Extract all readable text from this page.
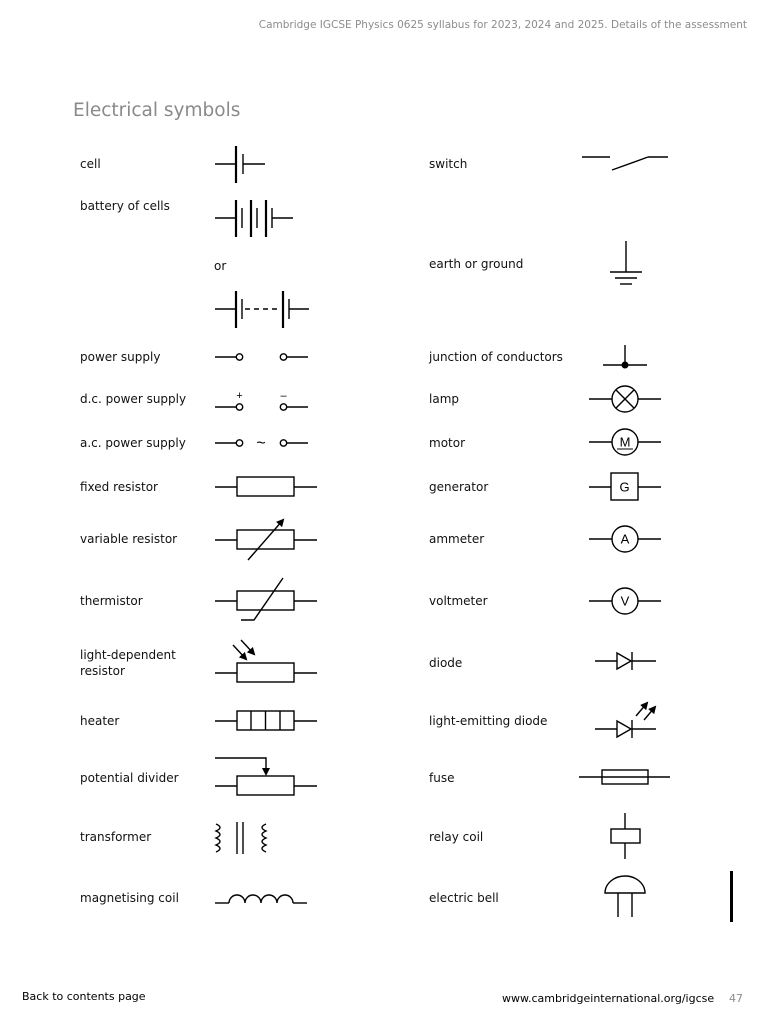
Cambridge IGCSE Physics 0625 syllabus for 2023, 2024 and 2025. Details of the assessment
Electrical symbols
cell
battery of cells
or
power supply
d.c. power supply
a.c. power supply
fixed resistor
variable resistor
thermistor
light-dependent
resistor
heater
potential divider
transformer
magnetising coil
switch
earth or ground
junction of conductors
lamp
motor
generator
ammeter
voltmeter
diode
light-emitting diode
fuse
relay coil
electric bell
+	–
~	M
G
A
V
Back to contents page	www.cambridgeinternational.org/igcse 47
